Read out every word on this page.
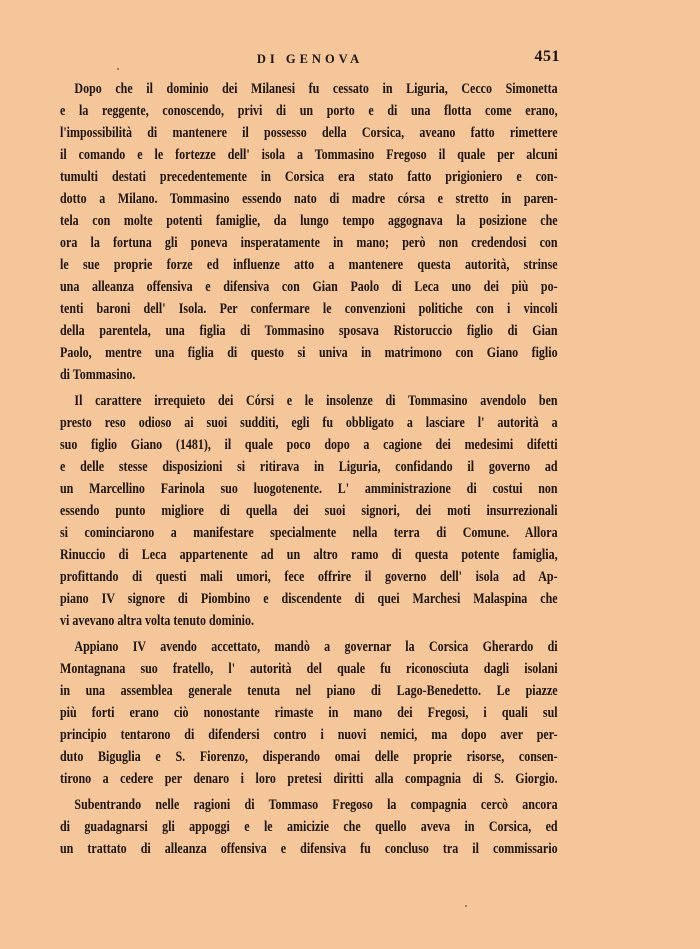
DI GENOVA	451
Dopo che il dominio dei Milanesi fu cessato in Liguria, Cecco Simonetta
e la reggente, conoscendo, privi di un porto e di una flotta come erano,
l'impossibilità di mantenere il possesso della Corsica, aveano fatto rimettere
il comando e le fortezze dell' isola a Tommasino Fregoso il quale per alcuni
tumulti destati precedentemente in Corsica era stato fatto prigioniero e con-
dotto a Milano. Tommasino essendo nato di madre córsa e stretto in paren-
tela con molte potenti famiglie, da lungo tempo aggognava la posizione che
ora la fortuna gli poneva insperatamente in mano; però non credendosi con
le sue proprie forze ed influenze atto a mantenere questa autorità, strinse
una alleanza offensiva e difensiva con Gian Paolo di Leca uno dei più po-
tenti baroni dell' Isola. Per confermare le convenzioni politiche con i vincoli
della parentela, una figlia di Tommasino sposava Ristoruccio figlio di Gian
Paolo, mentre una figlia di questo si univa in matrimono con Giano figlio
di Tommasino.
Il carattere irrequieto dei Córsi e le insolenze di Tommasino avendolo ben
presto reso odioso ai suoi sudditi, egli fu obbligato a lasciare l' autorità a
suo figlio Giano (1481), il quale poco dopo a cagione dei medesimi difetti
e delle stesse disposizioni si ritirava in Liguria, confidando il governo ad
un Marcellino Farinola suo luogotenente. L' amministrazione di costui non
essendo punto migliore di quella dei suoi signori, dei moti insurrezionali
si cominciarono a manifestare specialmente nella terra di Comune. Allora
Rinuccio di Leca appartenente ad un altro ramo di questa potente famiglia,
profittando di questi mali umori, fece offrire il governo dell' isola ad Ap-
piano IV signore di Piombino e discendente di quei Marchesi Malaspina che
vi avevano altra volta tenuto dominio.
Appiano IV avendo accettato, mandò a governar la Corsica Gherardo di
Montagnana suo fratello, l' autorità del quale fu riconosciuta dagli isolani
in una assemblea generale tenuta nel piano di Lago-Benedetto. Le piazze
più forti erano ciò nonostante rimaste in mano dei Fregosi, i quali sul
principio tentarono di difendersi contro i nuovi nemici, ma dopo aver per-
duto Biguglia e S. Fiorenzo, disperando omai delle proprie risorse, consen-
tirono a cedere per denaro i loro pretesi diritti alla compagnia di S. Giorgio.
Subentrando nelle ragioni di Tommaso Fregoso la compagnia cercò ancora
di guadagnarsi gli appoggi e le amicizie che quello aveva in Corsica, ed
un trattato di alleanza offensiva e difensiva fu concluso tra il commissario
